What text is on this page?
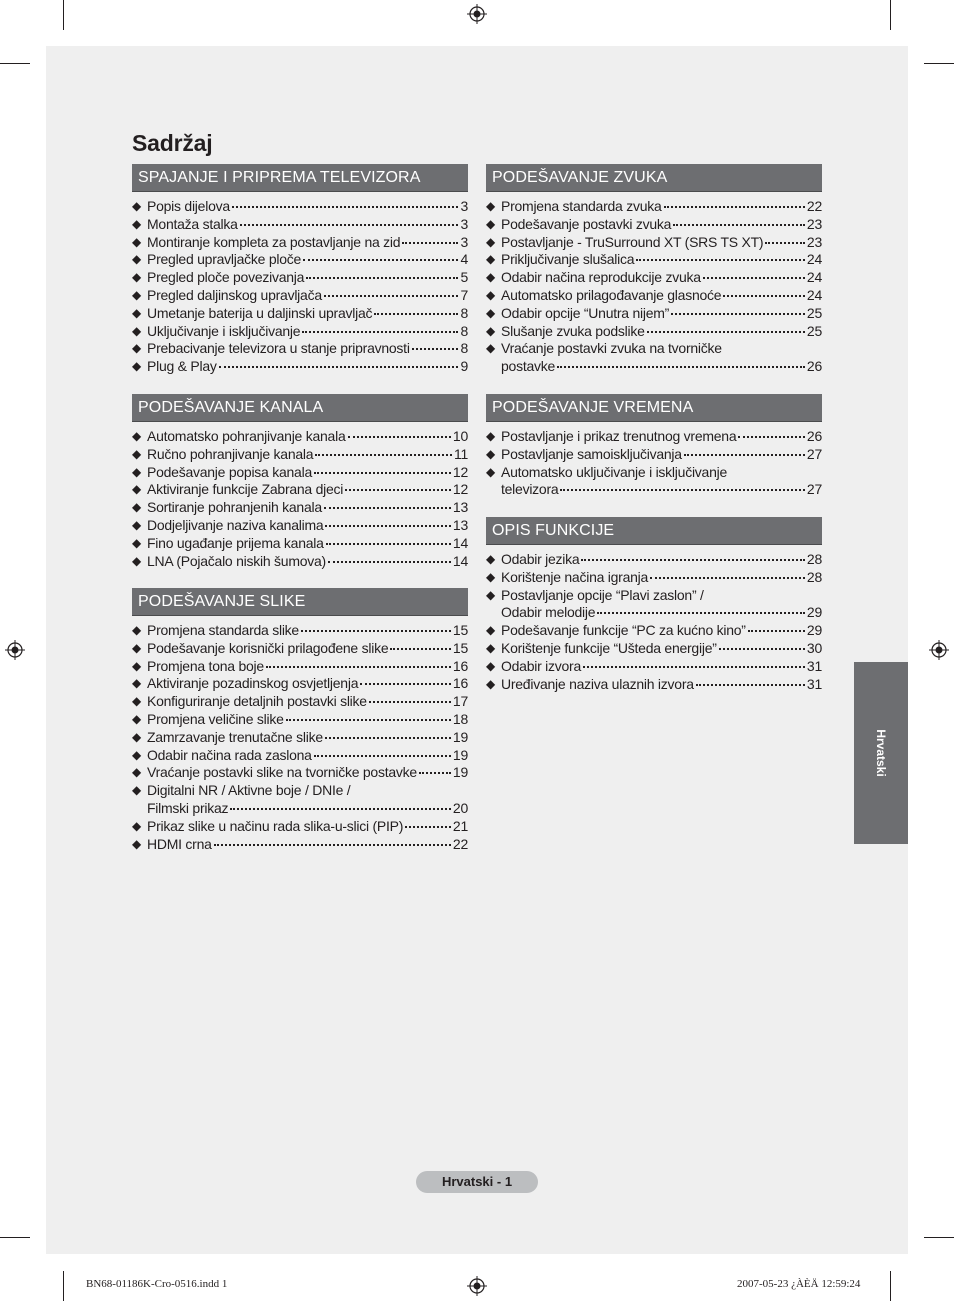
Sadržaj
SPAJANJE I PRIPREMA TELEVIZORA
◆ Popis dijelova	3
◆ Montaža stalka	3
◆ Montiranje kompleta za postavljanje na zid	3
◆ Pregled upravljačke ploče	4
◆ Pregled ploče povezivanja	5
◆ Pregled daljinskog upravljača	7
◆ Umetanje baterija u daljinski upravljač	8
◆ Uključivanje i isključivanje	8
◆ Prebacivanje televizora u stanje pripravnosti	8
◆ Plug & Play	9
PODEŠAVANJE KANALA
◆ Automatsko pohranjivanje kanala	10
◆ Ručno pohranjivanje kanala	11
◆ Podešavanje popisa kanala	12
◆ Aktiviranje funkcije Zabrana djeci	12
◆ Sortiranje pohranjenih kanala	13
◆ Dodjeljivanje naziva kanalima	13
◆ Fino ugađanje prijema kanala	14
◆ LNA (Pojačalo niskih šumova)	14
PODEŠAVANJE SLIKE
◆ Promjena standarda slike	15
◆ Podešavanje korisnički prilagođene slike	15
◆ Promjena tona boje	16
◆ Aktiviranje pozadinskog osvjetljenja	16
◆ Konfiguriranje detaljnih postavki slike	17
◆ Promjena veličine slike	18
◆ Zamrzavanje trenutačne slike	19
◆ Odabir načina rada zaslona	19
◆ Vraćanje postavki slike na tvorničke postavke	19
◆ Digitalni NR / Aktivne boje / DNIe /
Filmski prikaz	20
◆ Prikaz slike u načinu rada slika-u-slici (PIP)	21
◆ HDMI crna	22
PODEŠAVANJE ZVUKA
◆ Promjena standarda zvuka	22
◆ Podešavanje postavki zvuka	23
◆ Postavljanje - TruSurround XT (SRS TS XT)	23
◆ Priključivanje slušalica	24
◆ Odabir načina reprodukcije zvuka	24
◆ Automatsko prilagođavanje glasnoće	24
◆ Odabir opcije “Unutra nijem”	25
◆ Slušanje zvuka podslike	25
◆ Vraćanje postavki zvuka na tvorničke
postavke	26
PODEŠAVANJE VREMENA
◆ Postavljanje i prikaz trenutnog vremena	26
◆ Postavljanje samoisključivanja	27
◆ Automatsko uključivanje i isključivanje
televizora	27
OPIS FUNKCIJE
◆ Odabir jezika	28
◆ Korištenje načina igranja	28
◆ Postavljanje opcije “Plavi zaslon” /
Odabir melodije	29
◆ Podešavanje funkcije “PC za kućno kino”	29
◆ Korištenje funkcije “Ušteda energije”	30
◆ Odabir izvora	31
◆ Uređivanje naziva ulaznih izvora	31
Hrvatski
Hrvatski - 1
BN68-01186K-Cro-0516.indd 1	2007-05-23 ¿ÀÈÄ 12:59:24
